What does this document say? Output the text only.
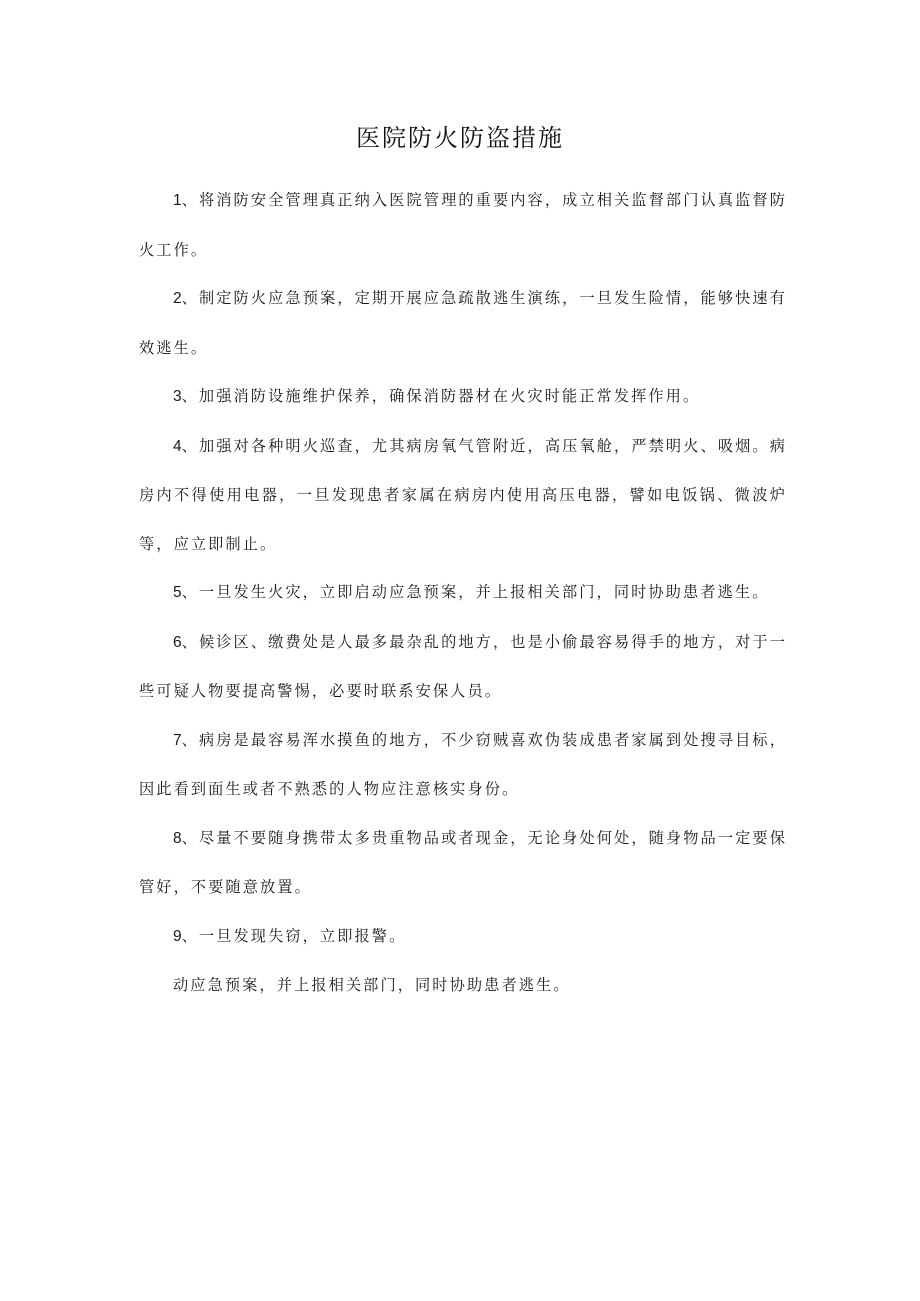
医院防火防盗措施

1、将消防安全管理真正纳入医院管理的重要内容，成立相关监督部门认真监督防火工作。

2、制定防火应急预案，定期开展应急疏散逃生演练，一旦发生险情，能够快速有效逃生。

3、加强消防设施维护保养，确保消防器材在火灾时能正常发挥作用。

4、加强对各种明火巡查，尤其病房氧气管附近，高压氧舱，严禁明火、吸烟。病房内不得使用电器，一旦发现患者家属在病房内使用高压电器，譬如电饭锅、微波炉等，应立即制止。

5、一旦发生火灾，立即启动应急预案，并上报相关部门，同时协助患者逃生。

6、候诊区、缴费处是人最多最杂乱的地方，也是小偷最容易得手的地方，对于一些可疑人物要提高警惕，必要时联系安保人员。

7、病房是最容易浑水摸鱼的地方，不少窃贼喜欢伪装成患者家属到处搜寻目标，因此看到面生或者不熟悉的人物应注意核实身份。

8、尽量不要随身携带太多贵重物品或者现金，无论身处何处，随身物品一定要保管好，不要随意放置。

9、一旦发现失窃，立即报警。

动应急预案，并上报相关部门，同时协助患者逃生。
